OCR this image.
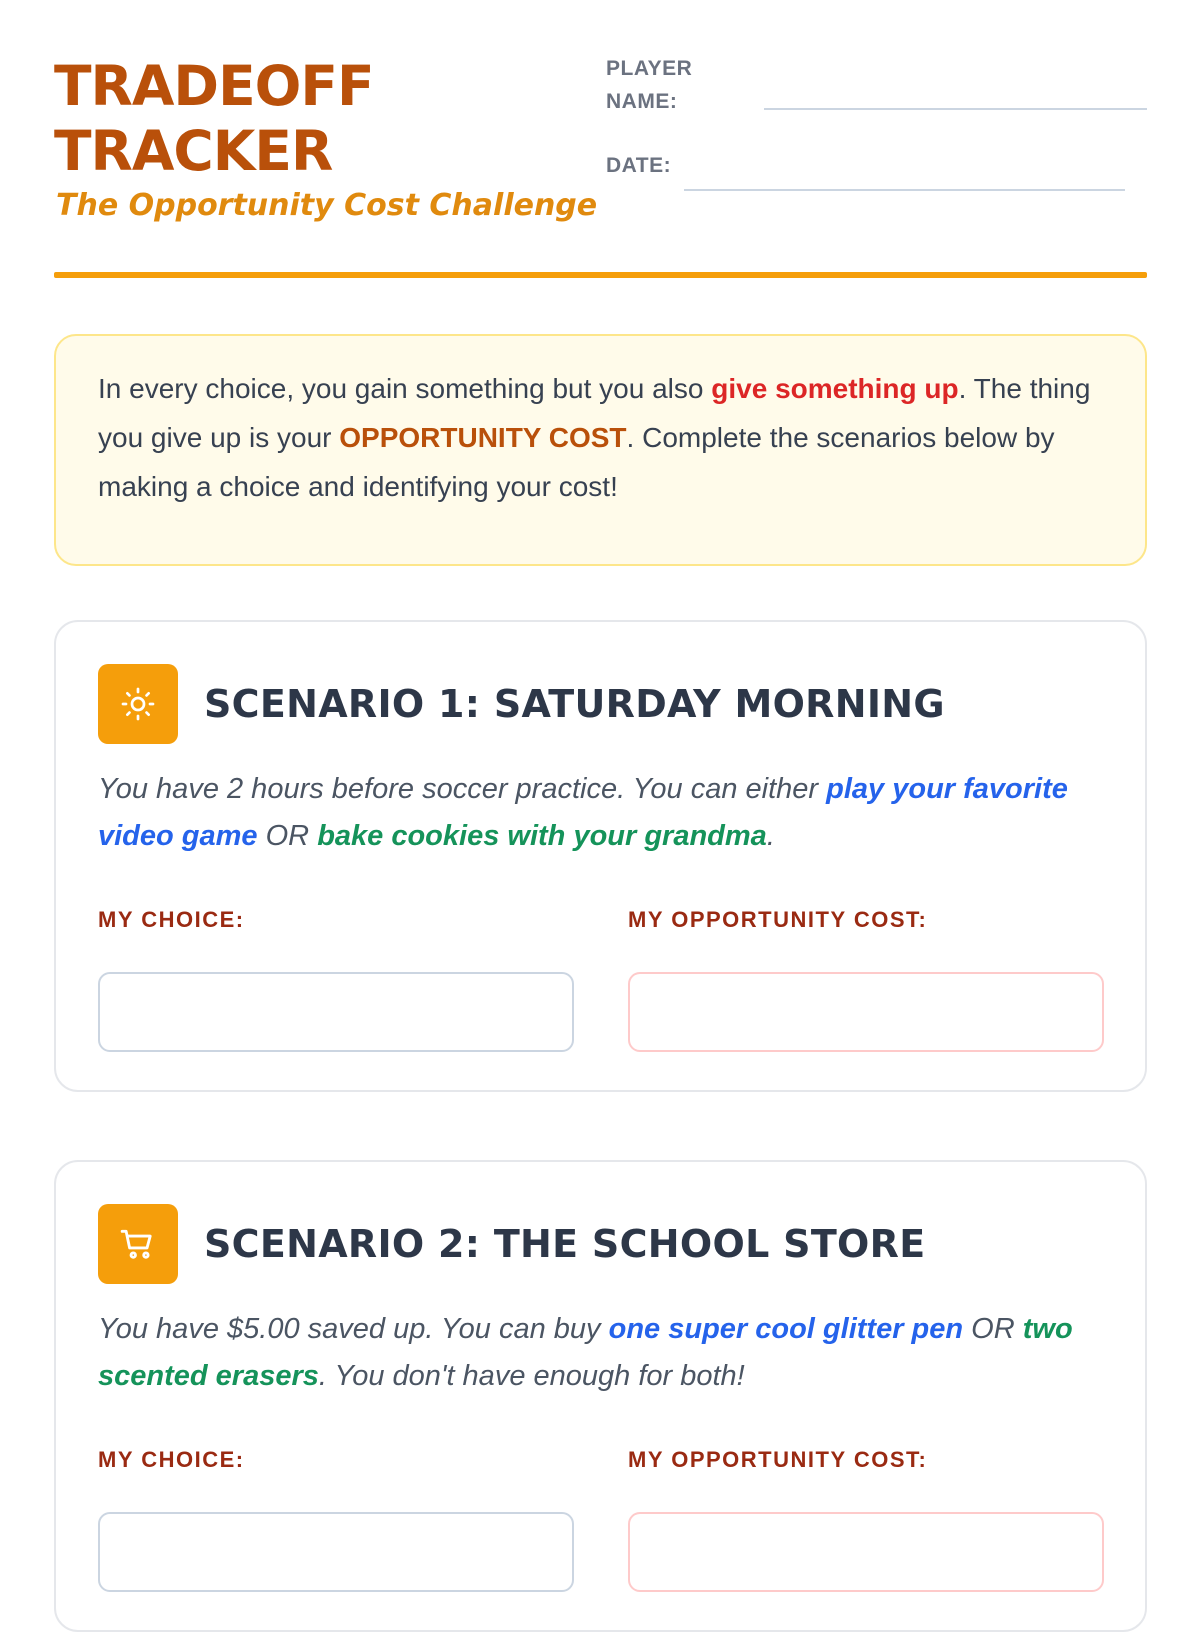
TRADEOFF
TRACKER
The Opportunity Cost Challenge
PLAYER
NAME:
DATE:
In every choice, you gain something but you also give something up. The thing you give up is your OPPORTUNITY COST. Complete the scenarios below by making a choice and identifying your cost!
SCENARIO 1: SATURDAY MORNING

You have 2 hours before soccer practice. You can either play your favorite video game OR bake cookies with your grandma.

MY CHOICE:	MY OPPORTUNITY COST:
SCENARIO 2: THE SCHOOL STORE

You have $5.00 saved up. You can buy one super cool glitter pen OR two scented erasers. You don't have enough for both!

MY CHOICE:	MY OPPORTUNITY COST:
